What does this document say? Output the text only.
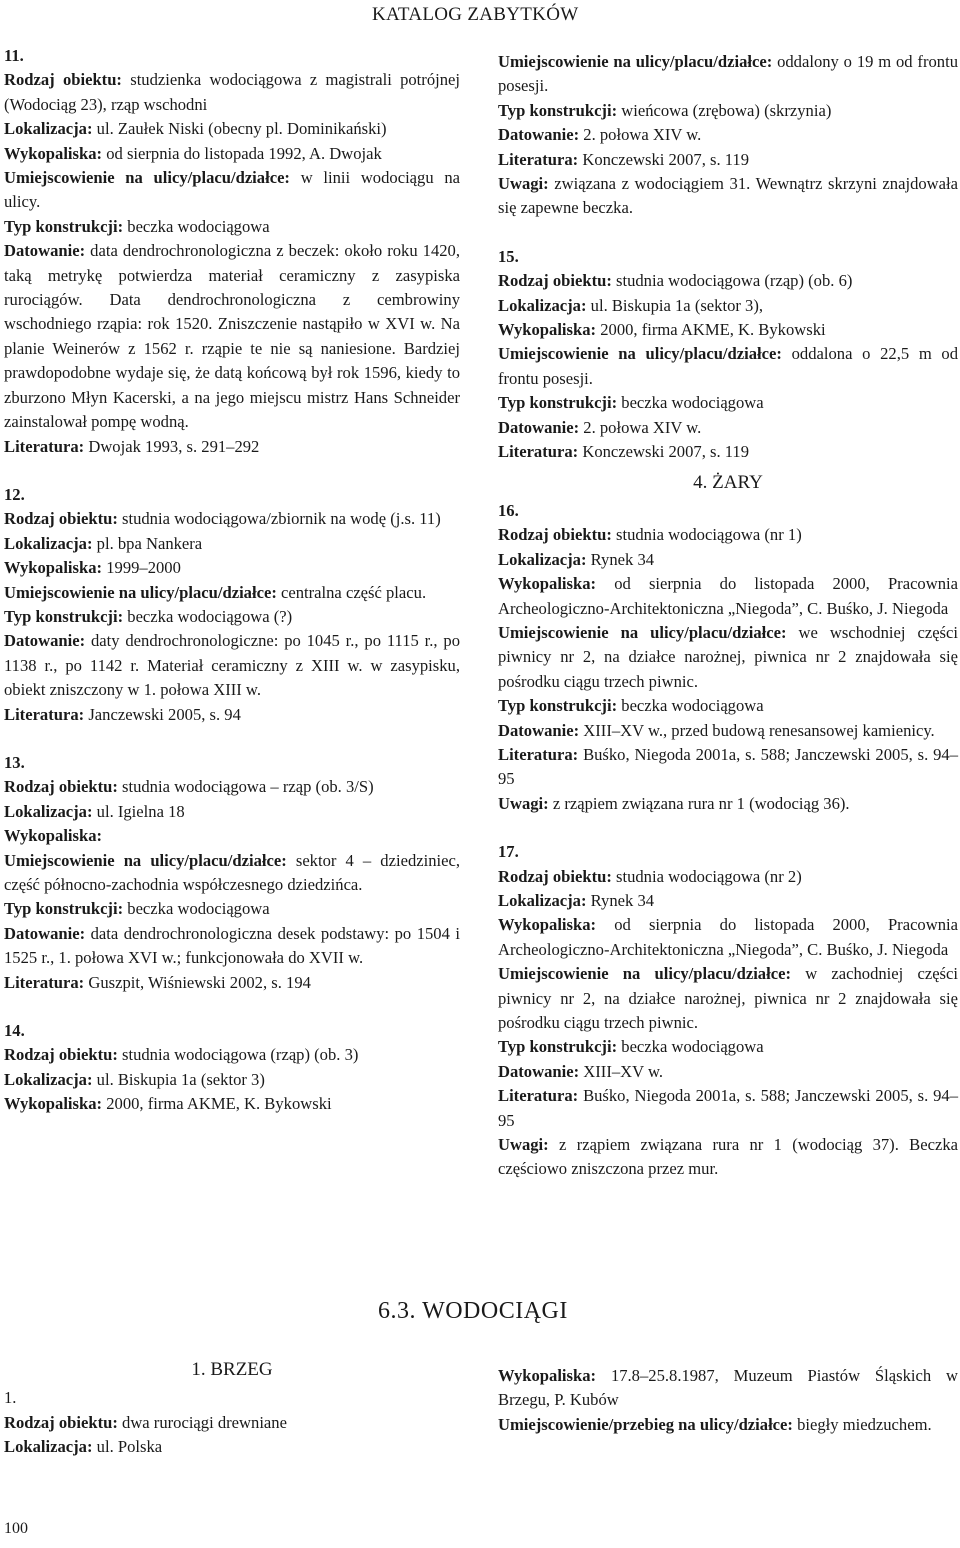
KATALOG ZABYTKÓW
11.
Rodzaj obiektu: studzienka wodociągowa z magistrali potrójnej (Wodociąg 23), rząp wschodni
Lokalizacja: ul. Zaułek Niski (obecny pl. Dominikański)
Wykopaliska: od sierpnia do listopada 1992, A. Dwojak
Umiejscowienie na ulicy/placu/działce: w linii wodociągu na ulicy.
Typ konstrukcji: beczka wodociągowa
Datowanie: data dendrochronologiczna z beczek: około roku 1420, taką metrykę potwierdza materiał ceramiczny z zasypiska rurociągów. Data dendrochronologiczna z cembrowiny wschodniego rząpia: rok 1520. Zniszczenie nastąpiło w XVI w. Na planie Weinerów z 1562 r. rząpie te nie są naniesione. Bardziej prawdopodobne wydaje się, że datą końcową był rok 1596, kiedy to zburzono Młyn Kacerski, a na jego miejscu mistrz Hans Schneider zainstalował pompę wodną.
Literatura: Dwojak 1993, s. 291–292
12.
Rodzaj obiektu: studnia wodociągowa/zbiornik na wodę (j.s. 11)
Lokalizacja: pl. bpa Nankera
Wykopaliska: 1999–2000
Umiejscowienie na ulicy/placu/działce: centralna część placu.
Typ konstrukcji: beczka wodociągowa (?)
Datowanie: daty dendrochronologiczne: po 1045 r., po 1115 r., po 1138 r., po 1142 r. Materiał ceramiczny z XIII w. w zasypisku, obiekt zniszczony w 1. połowa XIII w.
Literatura: Janczewski 2005, s. 94
13.
Rodzaj obiektu: studnia wodociągowa – rząp (ob. 3/S)
Lokalizacja: ul. Igielna 18
Wykopaliska:
Umiejscowienie na ulicy/placu/działce: sektor 4 – dziedziniec, część północno-zachodnia współczesnego dziedzińca.
Typ konstrukcji: beczka wodociągowa
Datowanie: data dendrochronologiczna desek podstawy: po 1504 i 1525 r., 1. połowa XVI w.; funkcjonowała do XVII w.
Literatura: Guszpit, Wiśniewski 2002, s. 194
14.
Rodzaj obiektu: studnia wodociągowa (rząp) (ob. 3)
Lokalizacja: ul. Biskupia 1a (sektor 3)
Wykopaliska: 2000, firma AKME, K. Bykowski
Umiejscowienie na ulicy/placu/działce: oddalony o 19 m od frontu posesji.
Typ konstrukcji: wieńcowa (zrębowa) (skrzynia)
Datowanie: 2. połowa XIV w.
Literatura: Konczewski 2007, s. 119
Uwagi: związana z wodociągiem 31. Wewnątrz skrzyni znajdowała się zapewne beczka.
15.
Rodzaj obiektu: studnia wodociągowa (rząp) (ob. 6)
Lokalizacja: ul. Biskupia 1a (sektor 3),
Wykopaliska: 2000, firma AKME, K. Bykowski
Umiejscowienie na ulicy/placu/działce: oddalona o 22,5 m od frontu posesji.
Typ konstrukcji: beczka wodociągowa
Datowanie: 2. połowa XIV w.
Literatura: Konczewski 2007, s. 119
4. ŻARY
16.
Rodzaj obiektu: studnia wodociągowa (nr 1)
Lokalizacja: Rynek 34
Wykopaliska: od sierpnia do listopada 2000, Pracownia Archeologiczno-Architektoniczna „Niegoda”, C. Buśko, J. Niegoda
Umiejscowienie na ulicy/placu/działce: we wschodniej części piwnicy nr 2, na działce narożnej, piwnica nr 2 znajdowała się pośrodku ciągu trzech piwnic.
Typ konstrukcji: beczka wodociągowa
Datowanie: XIII–XV w., przed budową renesansowej kamienicy.
Literatura: Buśko, Niegoda 2001a, s. 588; Janczewski 2005, s. 94–95
Uwagi: z rząpiem związana rura nr 1 (wodociąg 36).
17.
Rodzaj obiektu: studnia wodociągowa (nr 2)
Lokalizacja: Rynek 34
Wykopaliska: od sierpnia do listopada 2000, Pracownia Archeologiczno-Architektoniczna „Niegoda”, C. Buśko, J. Niegoda
Umiejscowienie na ulicy/placu/działce: w zachodniej części piwnicy nr 2, na działce narożnej, piwnica nr 2 znajdowała się pośrodku ciągu trzech piwnic.
Typ konstrukcji: beczka wodociągowa
Datowanie: XIII–XV w.
Literatura: Buśko, Niegoda 2001a, s. 588; Janczewski 2005, s. 94–95
Uwagi: z rząpiem związana rura nr 1 (wodociąg 37). Beczka częściowo zniszczona przez mur.
6.3. WODOCIĄGI
1. BRZEG
1.
Rodzaj obiektu: dwa rurociągi drewniane
Lokalizacja: ul. Polska
Wykopaliska: 17.8–25.8.1987, Muzeum Piastów Śląskich w Brzegu, P. Kubów
Umiejscowienie/przebieg na ulicy/działce: biegły miedzuchem.
100
